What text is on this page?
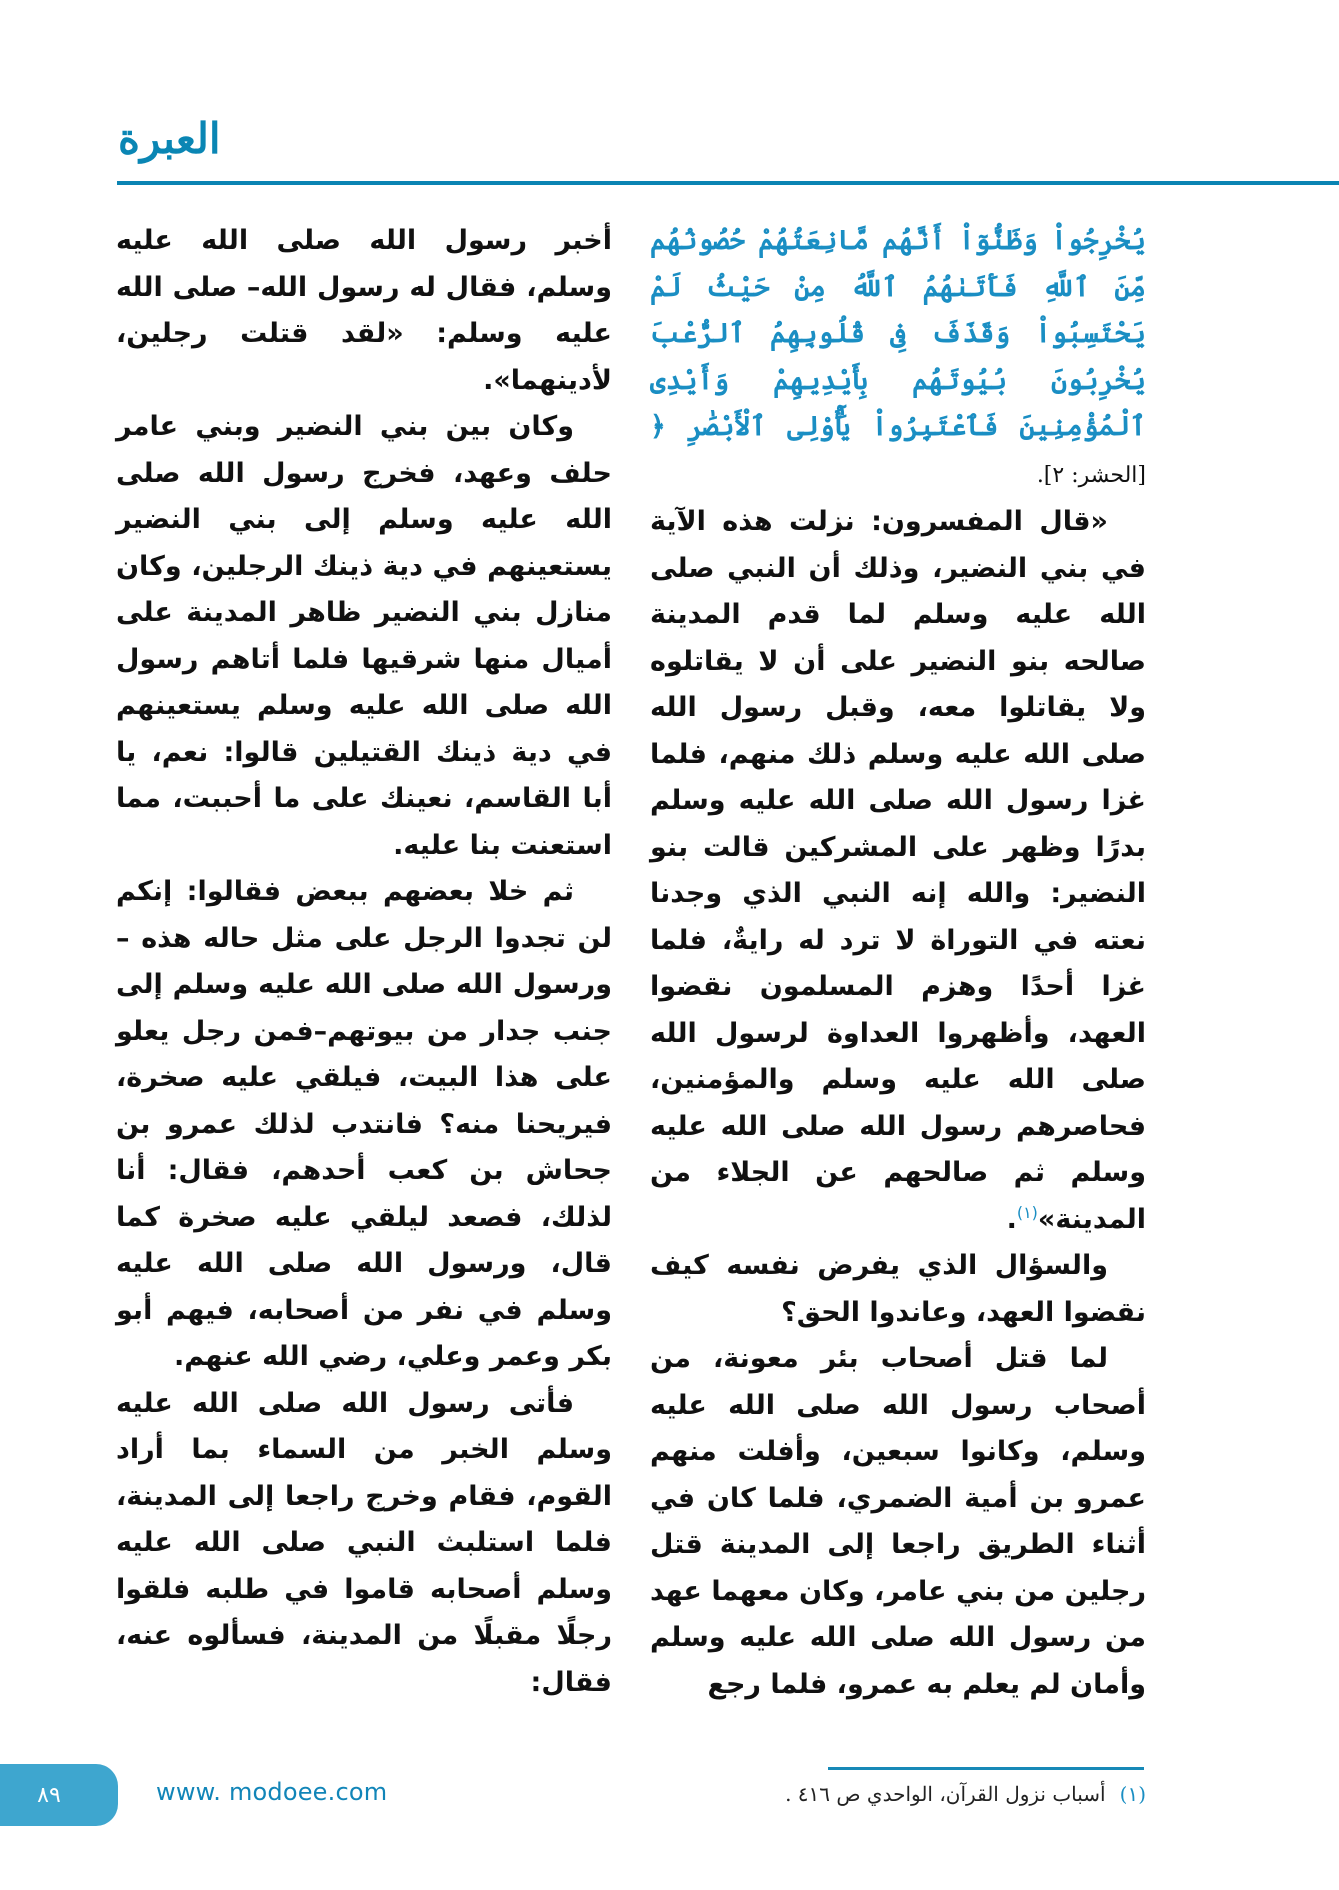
العبرة

يُخْرِجُواْ وَظَنُّوٓاْ أَنَّهُم مَّانِعَتُهُمْ حُصُونُهُم مِّنَ ٱللَّهِ فَأَتَىٰهُمُ ٱللَّهُ مِنْ حَيْثُ لَمْ يَحْتَسِبُواْ وَقَذَفَ فِى قُلُوبِهِمُ ٱلرُّعْبَ يُخْرِبُونَ بُيُوتَهُم بِأَيْدِيهِمْ وَأَيْدِى ٱلْمُؤْمِنِينَ فَٱعْتَبِرُواْ يَٰٓأُوْلِى ٱلْأَبْصَٰرِ ﴿ [الحشر: ٢].

«قال المفسرون: نزلت هذه الآية في بني النضير، وذلك أن النبي صلى الله عليه وسلم لما قدم المدينة صالحه بنو النضير على أن لا يقاتلوه ولا يقاتلوا معه، وقبل رسول الله صلى الله عليه وسلم ذلك منهم، فلما غزا رسول الله صلى الله عليه وسلم بدرًا وظهر على المشركين قالت بنو النضير: والله إنه النبي الذي وجدنا نعته في التوراة لا ترد له رايةٌ، فلما غزا أحدًا وهزم المسلمون نقضوا العهد، وأظهروا العداوة لرسول الله صلى الله عليه وسلم والمؤمنين، فحاصرهم رسول الله صلى الله عليه وسلم ثم صالحهم عن الجلاء من المدينة»$^{(١)}$.

والسؤال الذي يفرض نفسه كيف نقضوا العهد، وعاندوا الحق؟

لما قتل أصحاب بئر معونة، من أصحاب رسول الله صلى الله عليه وسلم، وكانوا سبعين، وأفلت منهم عمرو بن أمية الضمري، فلما كان في أثناء الطريق راجعا إلى المدينة قتل رجلين من بني عامر، وكان معهما عهد من رسول الله صلى الله عليه وسلم وأمان لم يعلم به عمرو، فلما رجع

أخبر رسول الله صلى الله عليه وسلم، فقال له رسول الله– صلى الله عليه وسلم: «لقد قتلت رجلين، لأدينهما».

وكان بين بني النضير وبني عامر حلف وعهد، فخرج رسول الله صلى الله عليه وسلم إلى بني النضير يستعينهم في دية ذينك الرجلين، وكان منازل بني النضير ظاهر المدينة على أميال منها شرقيها فلما أتاهم رسول الله صلى الله عليه وسلم يستعينهم في دية ذينك القتيلين قالوا: نعم، يا أبا القاسم، نعينك على ما أحببت، مما استعنت بنا عليه.

ثم خلا بعضهم ببعض فقالوا: إنكم لن تجدوا الرجل على مثل حاله هذه –ورسول الله صلى الله عليه وسلم إلى جنب جدار من بيوتهم–فمن رجل يعلو على هذا البيت، فيلقي عليه صخرة، فيريحنا منه؟ فانتدب لذلك عمرو بن جحاش بن كعب أحدهم، فقال: أنا لذلك، فصعد ليلقي عليه صخرة كما قال، ورسول الله صلى الله عليه وسلم في نفر من أصحابه، فيهم أبو بكر وعمر وعلي، رضي الله عنهم.

فأتى رسول الله صلى الله عليه وسلم الخبر من السماء بما أراد القوم، فقام وخرج راجعا إلى المدينة، فلما استلبث النبي صلى الله عليه وسلم أصحابه قاموا في طلبه فلقوا رجلًا مقبلًا من المدينة، فسألوه عنه، فقال:

(١)أسباب نزول القرآن، الواحدي ص ٤١٦ .
٨٩	www. modoee.com
